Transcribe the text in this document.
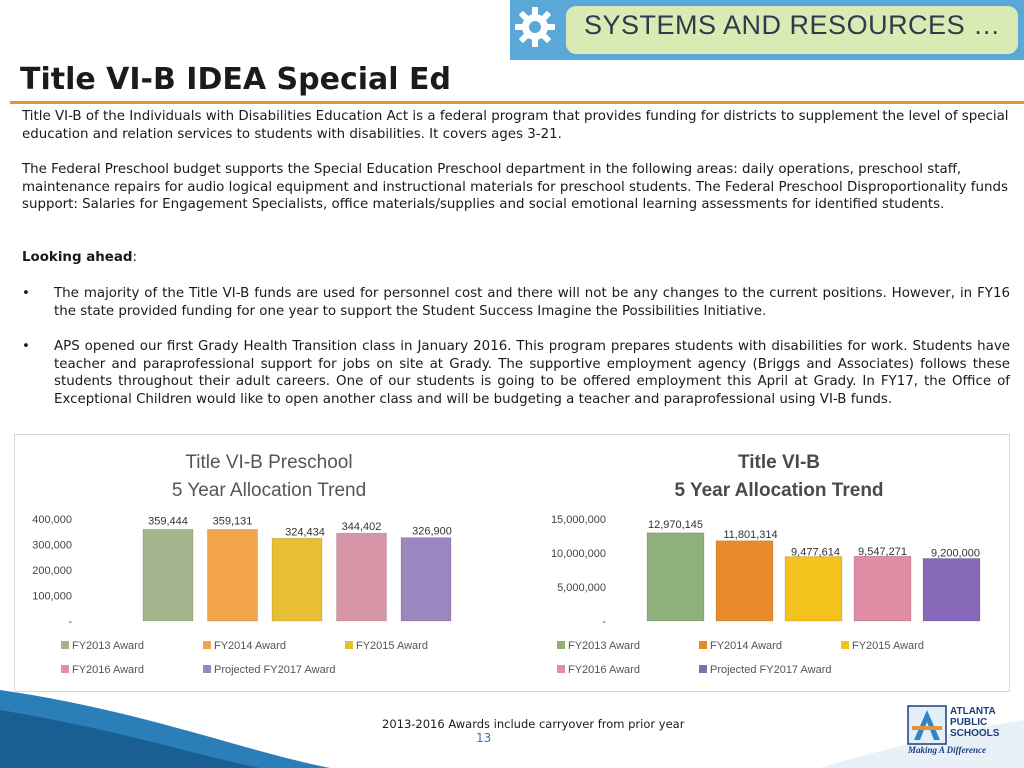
SYSTEMS AND RESOURCES …
Title VI-B IDEA Special Ed
Title VI-B of the Individuals with Disabilities Education Act is a federal program that provides funding for districts to supplement the level of special education and relation services to students with disabilities. It covers ages 3-21.
The Federal Preschool budget supports the Special Education Preschool department in the following areas: daily operations, preschool staff, maintenance repairs for audio logical equipment and instructional materials for preschool students. The Federal Preschool Disproportionality funds support: Salaries for Engagement Specialists, office materials/supplies and social emotional learning assessments for identified students.
Looking ahead:
• The majority of the Title VI-B funds are used for personnel cost and there will not be any changes to the current positions. However, in FY16 the state provided funding for one year to support the Student Success Imagine the Possibilities Initiative.
• APS opened our first Grady Health Transition class in January 2016. This program prepares students with disabilities for work. Students have teacher and paraprofessional support for jobs on site at Grady. The supportive employment agency (Briggs and Associates) follows these students throughout their adult careers. One of our students is going to be offered employment this April at Grady. In FY17, the Office of Exceptional Children would like to open another class and will be budgeting a teacher and paraprofessional using VI-B funds.
Title VI-B Preschool
5 Year Allocation Trend
-
100,000
200,000
300,000
400,000	359,444 359,131
324,434 344,402	326,900
FY2013 Award	FY2014 Award	FY2015 Award
FY2016 Award	Projected FY2017 Award
Title VI-B
5 Year Allocation Trend
-
5,000,000
10,000,000
15,000,000	12,970,145
11,801,314
9,477,614 9,547,271 9,200,000
FY2013 Award	FY2014 Award	FY2015 Award
FY2016 Award	Projected FY2017 Award
2013-2016 Awards include carryover from prior year
13
ATLANTA
PUBLIC
SCHOOLS
Making A Difference
